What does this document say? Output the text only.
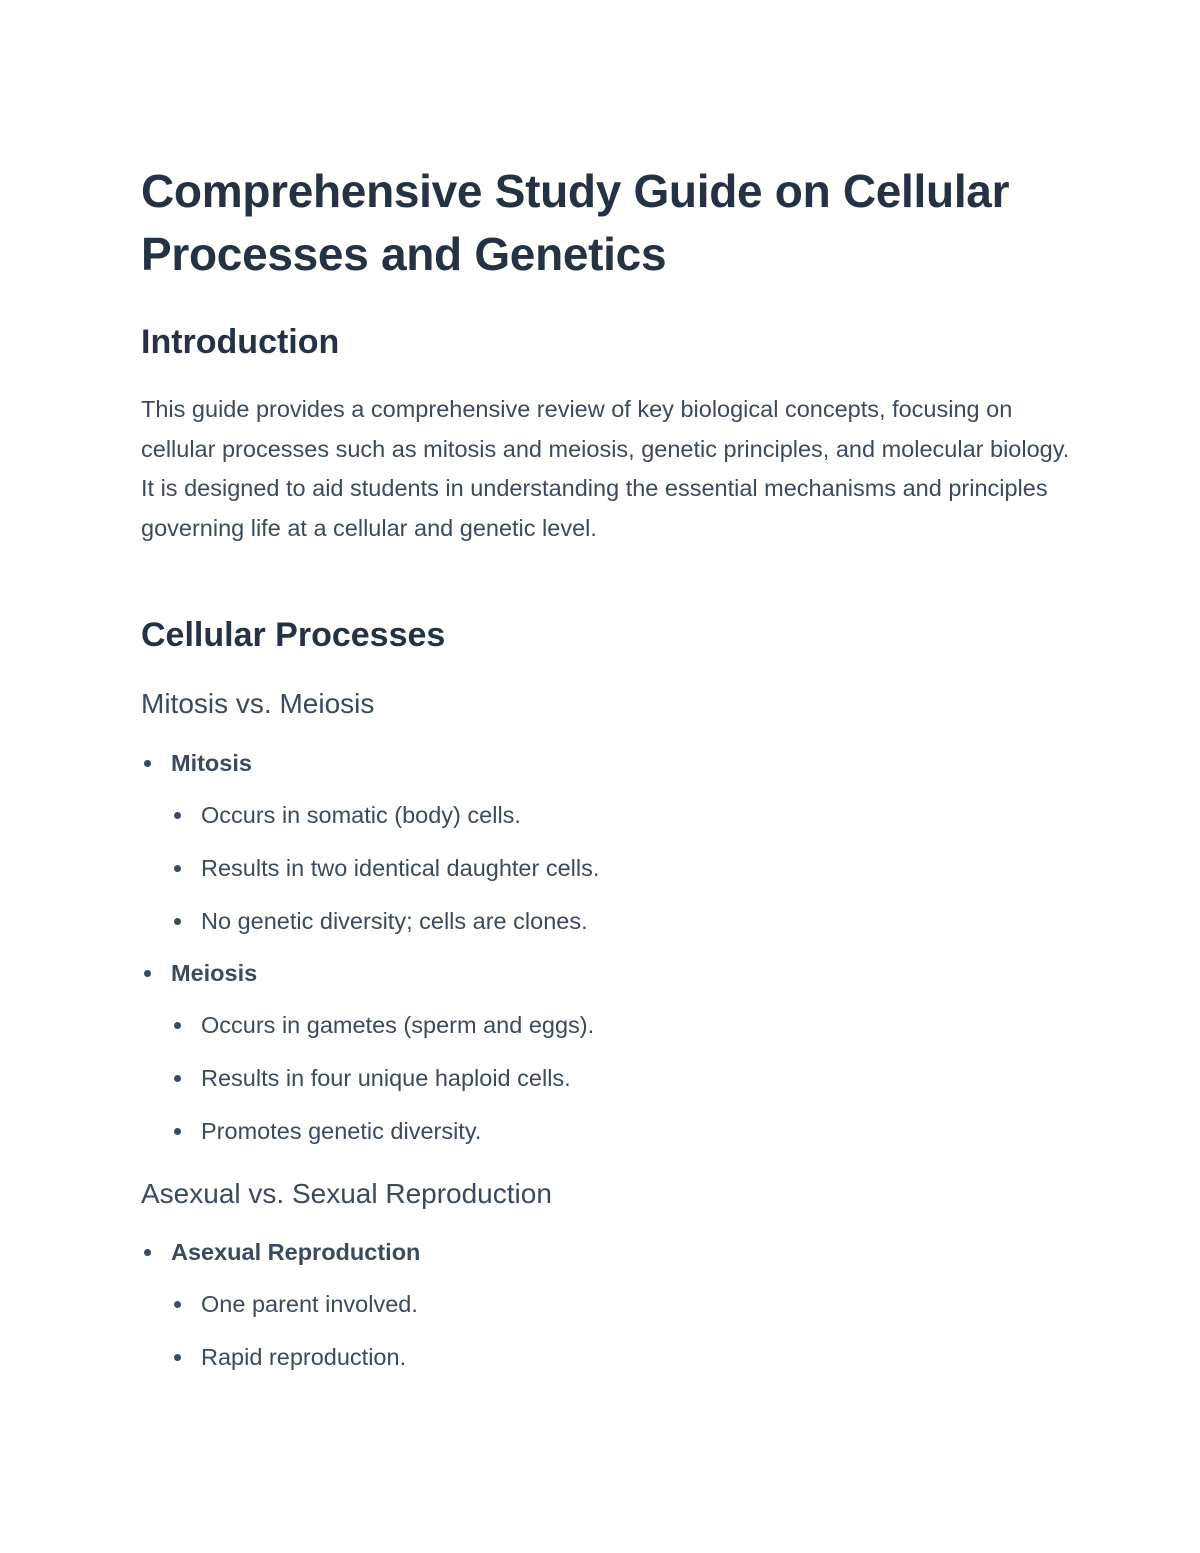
Comprehensive Study Guide on Cellular Processes and Genetics
Introduction

This guide provides a comprehensive review of key biological concepts, focusing on cellular processes such as mitosis and meiosis, genetic principles, and molecular biology. It is designed to aid students in understanding the essential mechanisms and principles governing life at a cellular and genetic level.

Cellular Processes
Mitosis vs. Meiosis
Mitosis
Occurs in somatic (body) cells.
Results in two identical daughter cells.
No genetic diversity; cells are clones.
Meiosis
Occurs in gametes (sperm and eggs).
Results in four unique haploid cells.
Promotes genetic diversity.
Asexual vs. Sexual Reproduction
Asexual Reproduction
One parent involved.
Rapid reproduction.
